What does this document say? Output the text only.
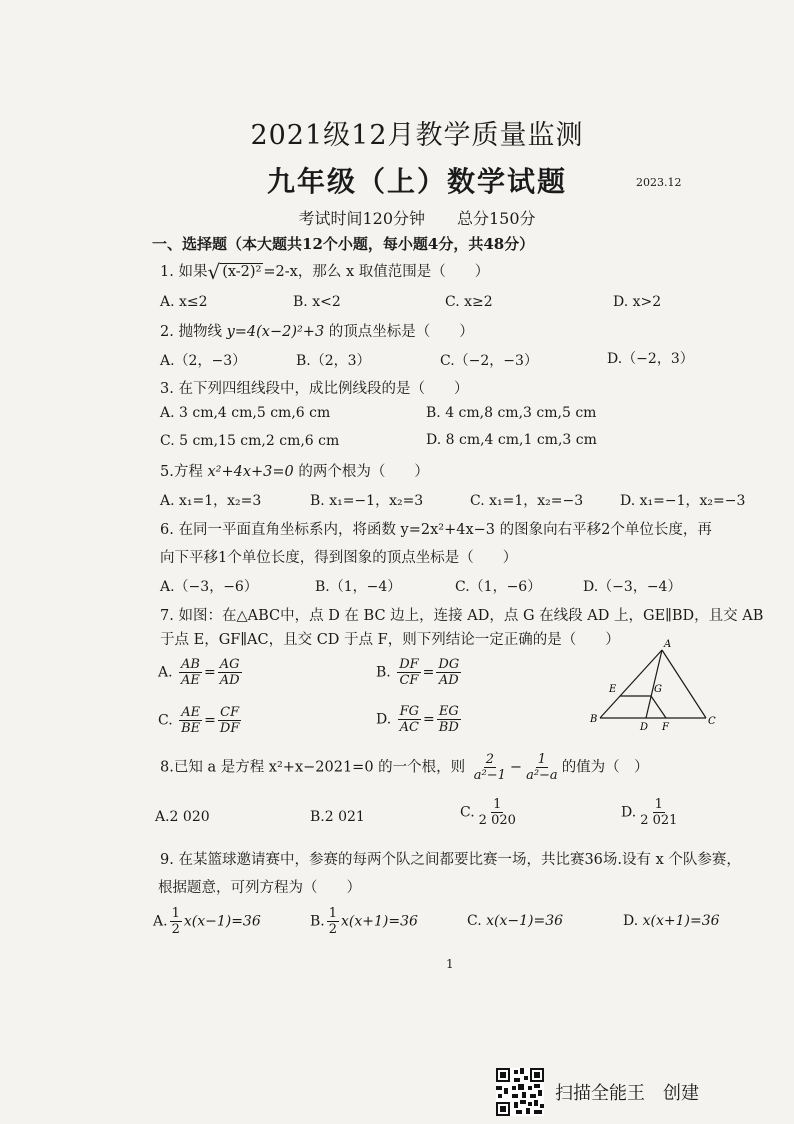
2021级12月教学质量监测
九年级（上）数学试题	2023.12
考试时间120分钟　　总分150分
一、选择题（本大题共12个小题，每小题4分，共48分）
1. 如果√ (x-2)² =2-x，那么 x 取值范围是（　　）
A. x≤2	B. x<2	C. x≥2	D. x>2
2. 抛物线 y=4(x−2)²+3 的顶点坐标是（　　）
A.（2，−3）	B.（2，3）	C.（−2，−3）	D.（−2，3）
3. 在下列四组线段中，成比例线段的是（　　）
A. 3 cm,4 cm,5 cm,6 cm	B. 4 cm,8 cm,3 cm,5 cm
C. 5 cm,15 cm,2 cm,6 cm	D. 8 cm,4 cm,1 cm,3 cm
5.方程 x²+4x+3=0 的两个根为（　　）
A. x₁=1，x₂=3	B. x₁=−1，x₂=3	C. x₁=1，x₂=−3	D. x₁=−1，x₂=−3
6. 在同一平面直角坐标系内，将函数 y=2x²+4x−3 的图象向右平移2个单位长度，再
向下平移1个单位长度，得到图象的顶点坐标是（　　）
A.（−3，−6）	B.（1，−4）	C.（1，−6）	D.（−3，−4）
7. 如图：在△ABC中，点 D 在 BC 边上，连接 AD，点 G 在线段 AD 上，GE∥BD，且交 AB
于点 E，GF∥AC，且交 CD 于点 F，则下列结论一定正确的是（　　）
A. $\frac{AB}{AE} = \frac{AG}{AD}$	B. $\frac{DF}{CF} = \frac{DG}{AD}$
C. $\frac{AE}{BE} = \frac{CF}{DF}$	D. $\frac{FG}{AC} = \frac{EG}{BD}$
A
B	C
D
E
F
G
8.已知 a 是方程 x²+x−2021=0 的一个根，则 $\frac{2}{\text{a²−1}} - \frac{1}{\text{a²−a}}$ 的值为（　）
A.2 020	B.2 021	C. $\frac{1}{2 020}$	D. $\frac{1}{2 021}$
9. 在某篮球邀请赛中，参赛的每两个队之间都要比赛一场，共比赛36场.设有 x 个队参赛，
根据题意，可列方程为（　　）
A. $\frac{1}{2} x(x-1)=36$	B. $\frac{1}{2} x(x+1)=36$	C. x(x−1)=36	D. x(x+1)=36
1
扫描全能王　创建
